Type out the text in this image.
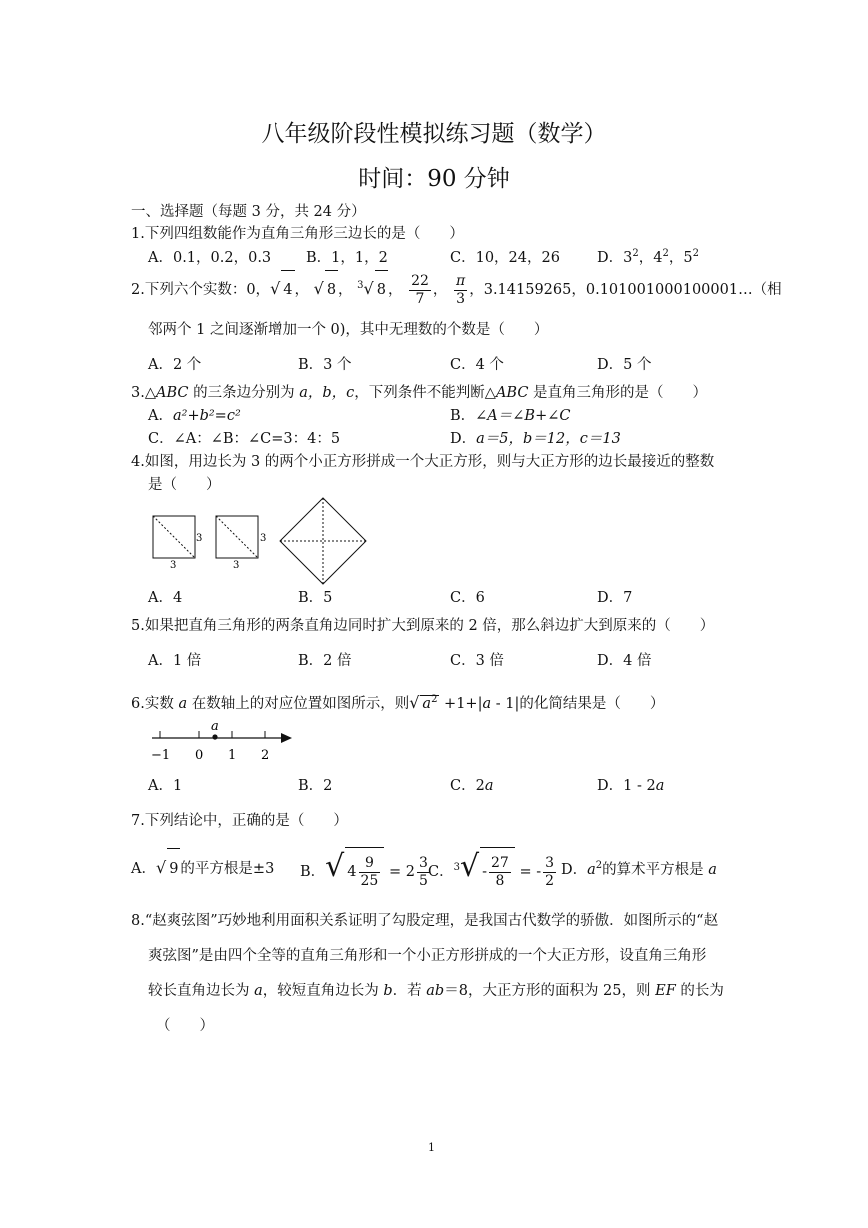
八年级阶段性模拟练习题（数学）
时间：90 分钟
一、选择题（每题 3 分，共 24 分）
1.下列四组数能作为直角三角形三边长的是（　　）
A．0.1，0.2，0.3 B．1，1，2	C．10，24，26	D．$3^2$，$4^2$，$5^2$
2.下列六个实数：0，√ 4 ， √ 8 ， $^3$√ 8 ， $\frac{22}{7}$ ， $\frac{\pi}{3}$ ，3.14159265，0.101001000100001…（相
邻两个 1 之间逐渐增加一个 0)，其中无理数的个数是（　　）
A．2 个	B．3 个	C．4 个	D．5 个
3.△ABC 的三条边分别为 a，b，c，下列条件不能判断△ABC 是直角三角形的是（　　）
A．a²+b²=c²	B．∠A＝∠B+∠C
C．∠A：∠B：∠C=3：4：5	D．a＝5，b＝12，c＝13
4.如图，用边长为 3 的两个小正方形拼成一个大正方形，则与大正方形的边长最接近的整数
是（　　）
3
3
3
3
A．4	B．5	C．6	D．7
5.如果把直角三角形的两条直角边同时扩大到原来的 2 倍，那么斜边扩大到原来的（　　）
A．1 倍	B．2 倍	C．3 倍	D．4 倍
6.实数 a 在数轴上的对应位置如图所示，则√ $a^2 +1+|a - 1|$的化简结果是（　　）
a
−1 0 1 2
A．1	B．2	C．2a	D．1 - 2a
7.下列结论中，正确的是（　　）
A．√ 9 的平方根是±3 B．√ $4 \frac{9}{25} = 2 \frac{3}{5}$
C．$^3√ - \frac{27}{8}$ = - $\frac{3}{2}$ D．$a^2$的算术平方根是 a
8.“赵爽弦图”巧妙地利用面积关系证明了勾股定理，是我国古代数学的骄傲．如图所示的“赵
爽弦图”是由四个全等的直角三角形和一个小正方形拼成的一个大正方形，设直角三角形
较长直角边长为 a，较短直角边长为 b．若 ab＝8，大正方形的面积为 25，则 EF 的长为
（　　）
1
